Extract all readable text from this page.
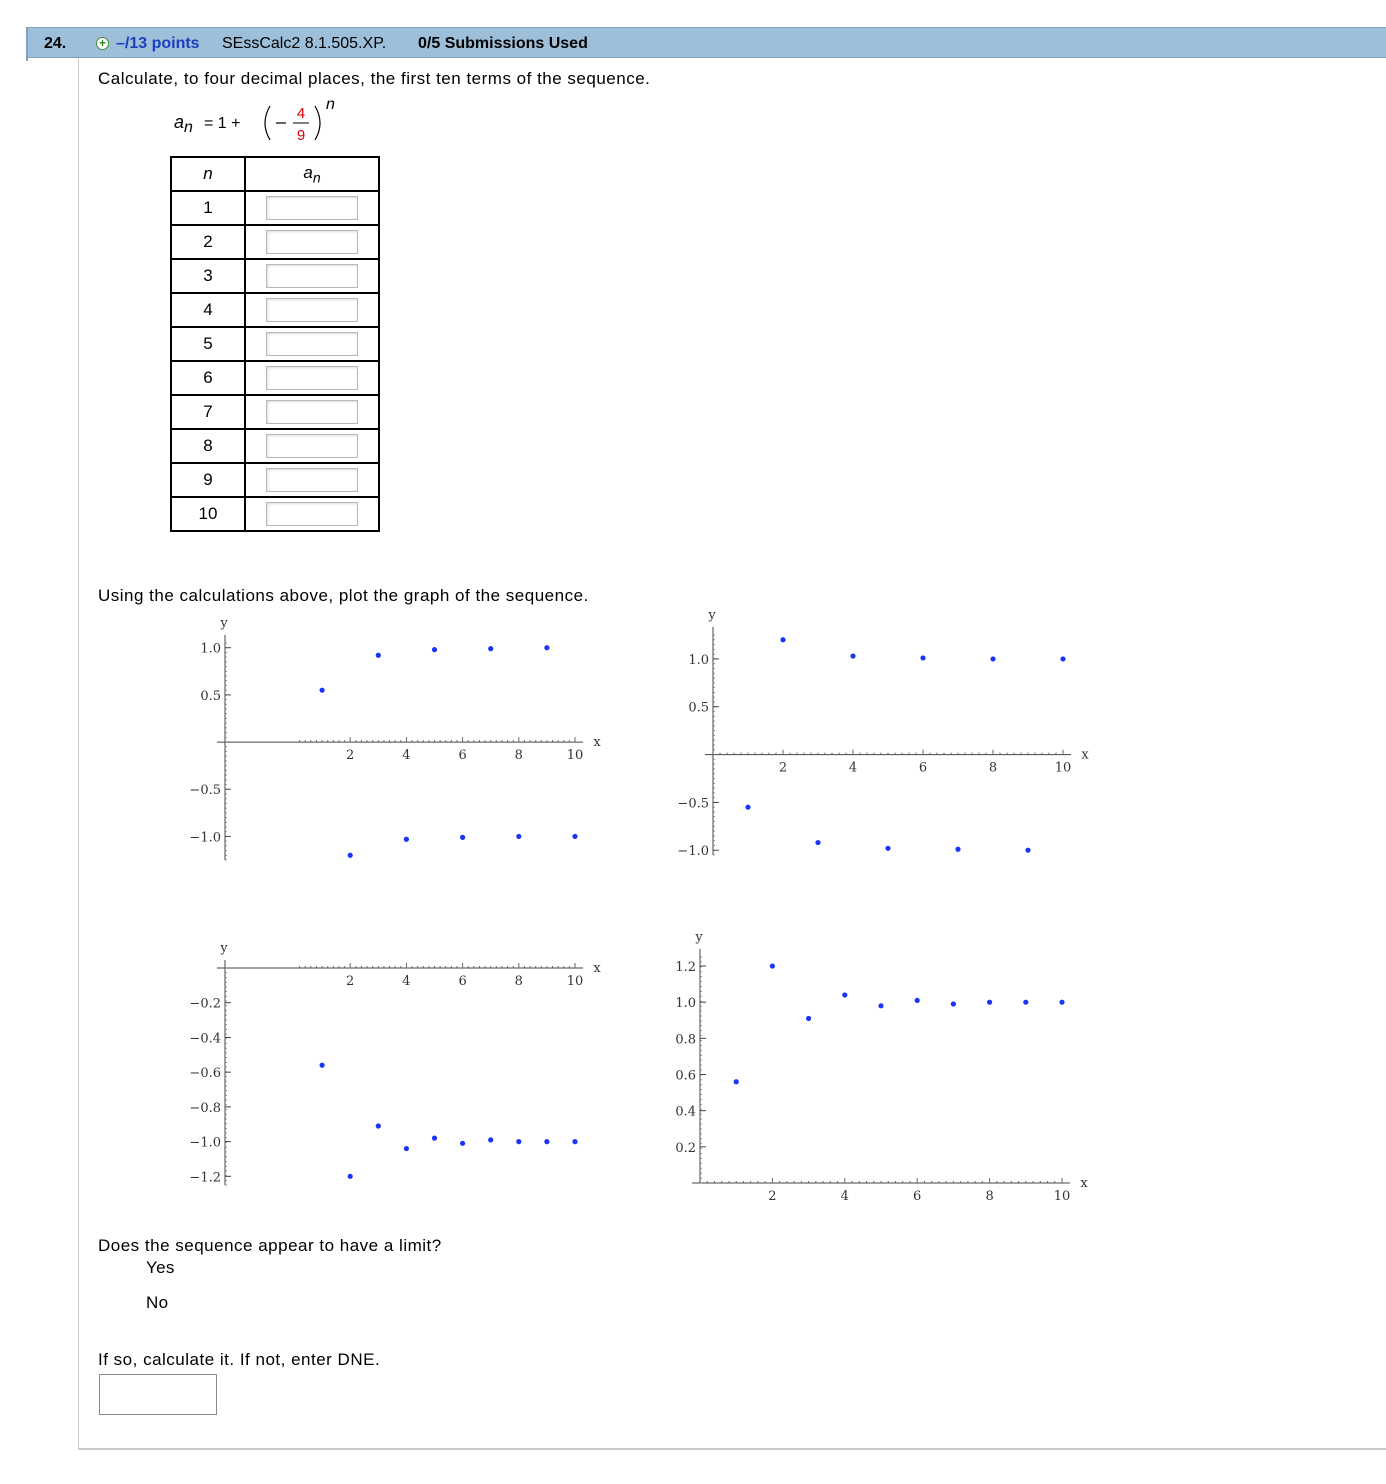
24.	+ –/13 points SEssCalc2 8.1.505.XP. 0/5 Submissions Used
Calculate, to four decimal places, the first ten terms of the sequence.
a n = 1 +
4
9
n
n	$a_n$
1	

2	

3	

4	

5	

6	

7	

8	

9	

10	
Using the calculations above, plot the graph of the sequence.
2	4	6	8	10
x
y
1.0
0.5
−0.5
−1.0
2	4	6	8	10
x
y
1.0
0.5
−0.5
−1.0
2	4	6	8	10
x
y
−0.2
−0.4
−0.6
−0.8
−1.0
−1.2
2	4	6	8	10
x
y
1.2
1.0
0.8
0.6
0.4
0.2
Does the sequence appear to have a limit?
Yes
No
If so, calculate it. If not, enter DNE.
